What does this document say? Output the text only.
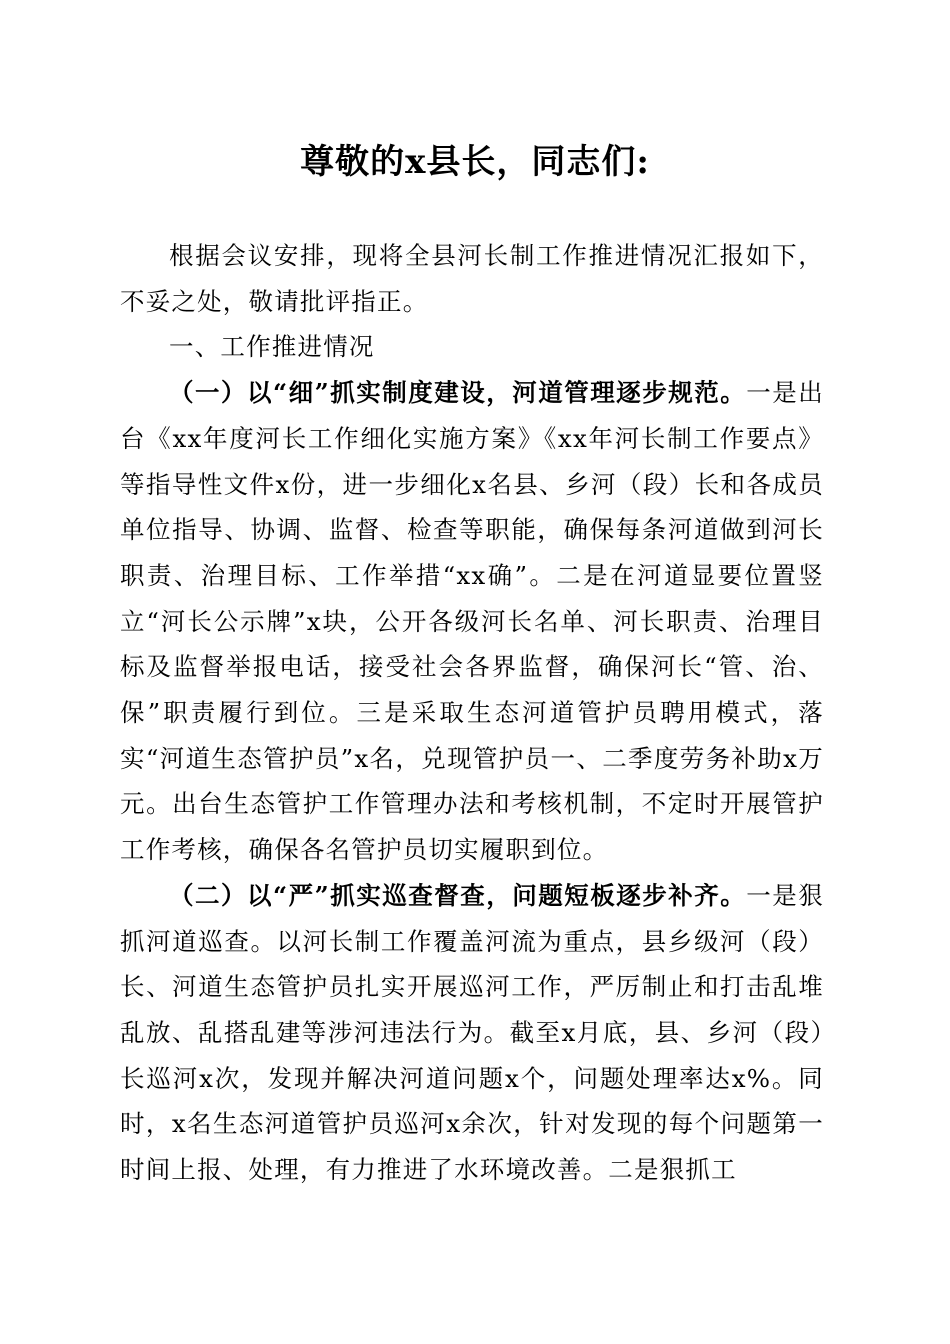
尊敬的x县长，同志们:

根据会议安排，现将全县河长制工作推进情况汇报如下，不妥之处，敬请批评指正。

一、工作推进情况

（一）以“细”抓实制度建设，河道管理逐步规范。一是出台《xx年度河长工作细化实施方案》《xx年河长制工作要点》等指导性文件x份，进一步细化x名县、乡河（段）长和各成员单位指导、协调、监督、检查等职能，确保每条河道做到河长职责、治理目标、工作举措“xx确”。二是在河道显要位置竖立“河长公示牌”x块，公开各级河长名单、河长职责、治理目标及监督举报电话，接受社会各界监督，确保河长“管、治、保”职责履行到位。三是采取生态河道管护员聘用模式，落实“河道生态管护员”x名，兑现管护员一、二季度劳务补助x万元。出台生态管护工作管理办法和考核机制，不定时开展管护工作考核，确保各名管护员切实履职到位。

（二）以“严”抓实巡查督查，问题短板逐步补齐。一是狠抓河道巡查。以河长制工作覆盖河流为重点，县乡级河（段）长、河道生态管护员扎实开展巡河工作，严厉制止和打击乱堆乱放、乱搭乱建等涉河违法行为。截至x月底，县、乡河（段）长巡河x次，发现并解决河道问题x个，问题处理率达x%。同时，x名生态河道管护员巡河x余次，针对发现的每个问题第一时间上报、处理，有力推进了水环境改善。二是狠抓工
